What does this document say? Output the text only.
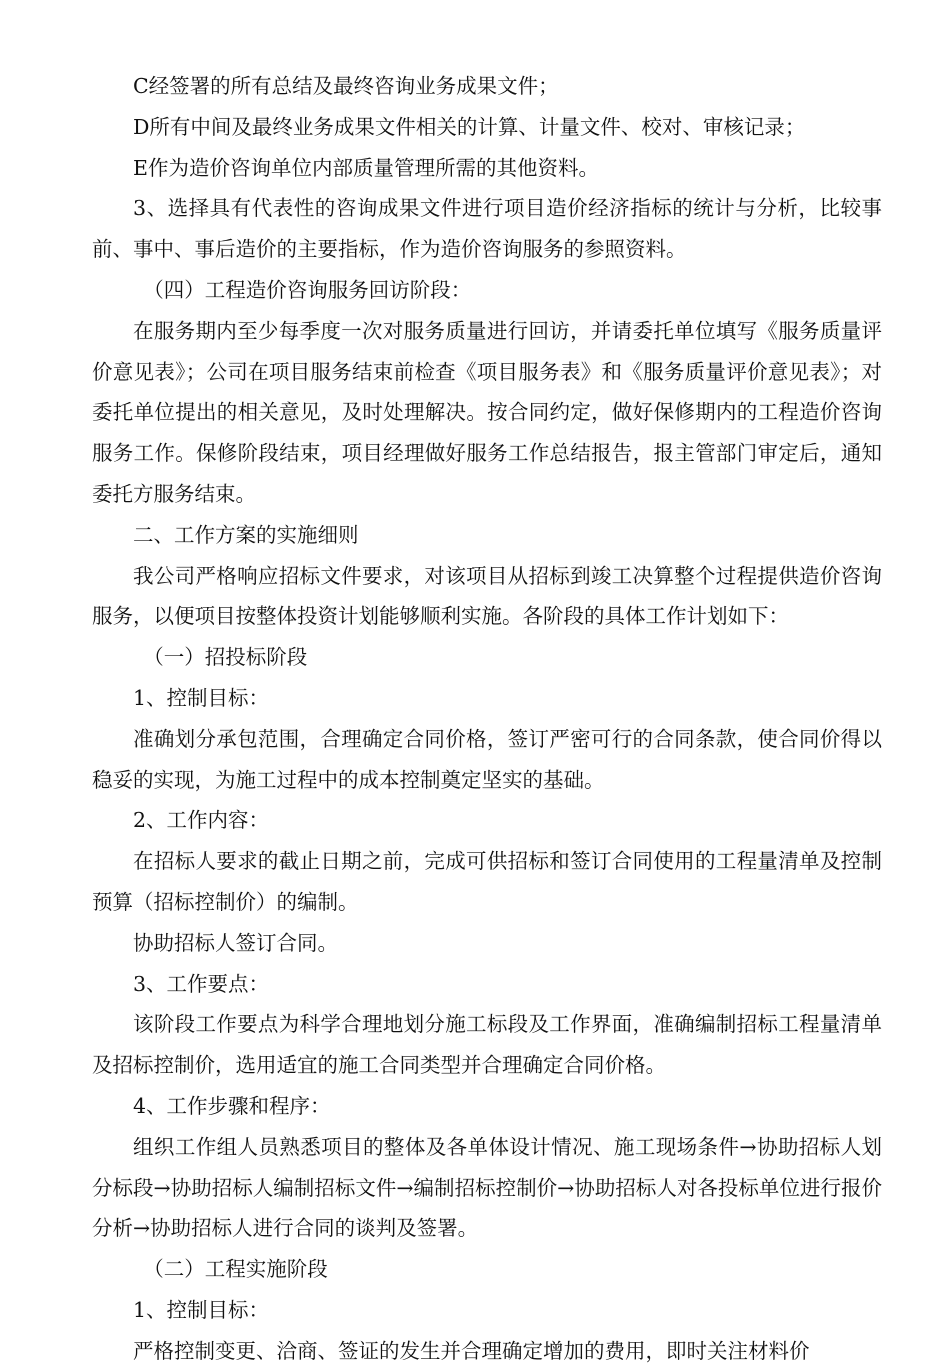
C经签署的所有总结及最终咨询业务成果文件；

D所有中间及最终业务成果文件相关的计算、计量文件、校对、审核记录；

E作为造价咨询单位内部质量管理所需的其他资料。

3、选择具有代表性的咨询成果文件进行项目造价经济指标的统计与分析，比较事前、事中、事后造价的主要指标，作为造价咨询服务的参照资料。

（四）工程造价咨询服务回访阶段：

在服务期内至少每季度一次对服务质量进行回访，并请委托单位填写《服务质量评价意见表》；公司在项目服务结束前检查《项目服务表》和《服务质量评价意见表》；对委托单位提出的相关意见，及时处理解决。按合同约定，做好保修期内的工程造价咨询服务工作。保修阶段结束，项目经理做好服务工作总结报告，报主管部门审定后，通知委托方服务结束。

二、工作方案的实施细则

我公司严格响应招标文件要求，对该项目从招标到竣工决算整个过程提供造价咨询服务，以便项目按整体投资计划能够顺利实施。各阶段的具体工作计划如下：

（一）招投标阶段

1、控制目标：

准确划分承包范围，合理确定合同价格，签订严密可行的合同条款，使合同价得以稳妥的实现，为施工过程中的成本控制奠定坚实的基础。

2、工作内容：

在招标人要求的截止日期之前，完成可供招标和签订合同使用的工程量清单及控制预算（招标控制价）的编制。

协助招标人签订合同。

3、工作要点：

该阶段工作要点为科学合理地划分施工标段及工作界面，准确编制招标工程量清单及招标控制价，选用适宜的施工合同类型并合理确定合同价格。

4、工作步骤和程序：

组织工作组人员熟悉项目的整体及各单体设计情况、施工现场条件→协助招标人划分标段→协助招标人编制招标文件→编制招标控制价→协助招标人对各投标单位进行报价分析→协助招标人进行合同的谈判及签署。

（二）工程实施阶段

1、控制目标：

严格控制变更、洽商、签证的发生并合理确定增加的费用，即时关注材料价
